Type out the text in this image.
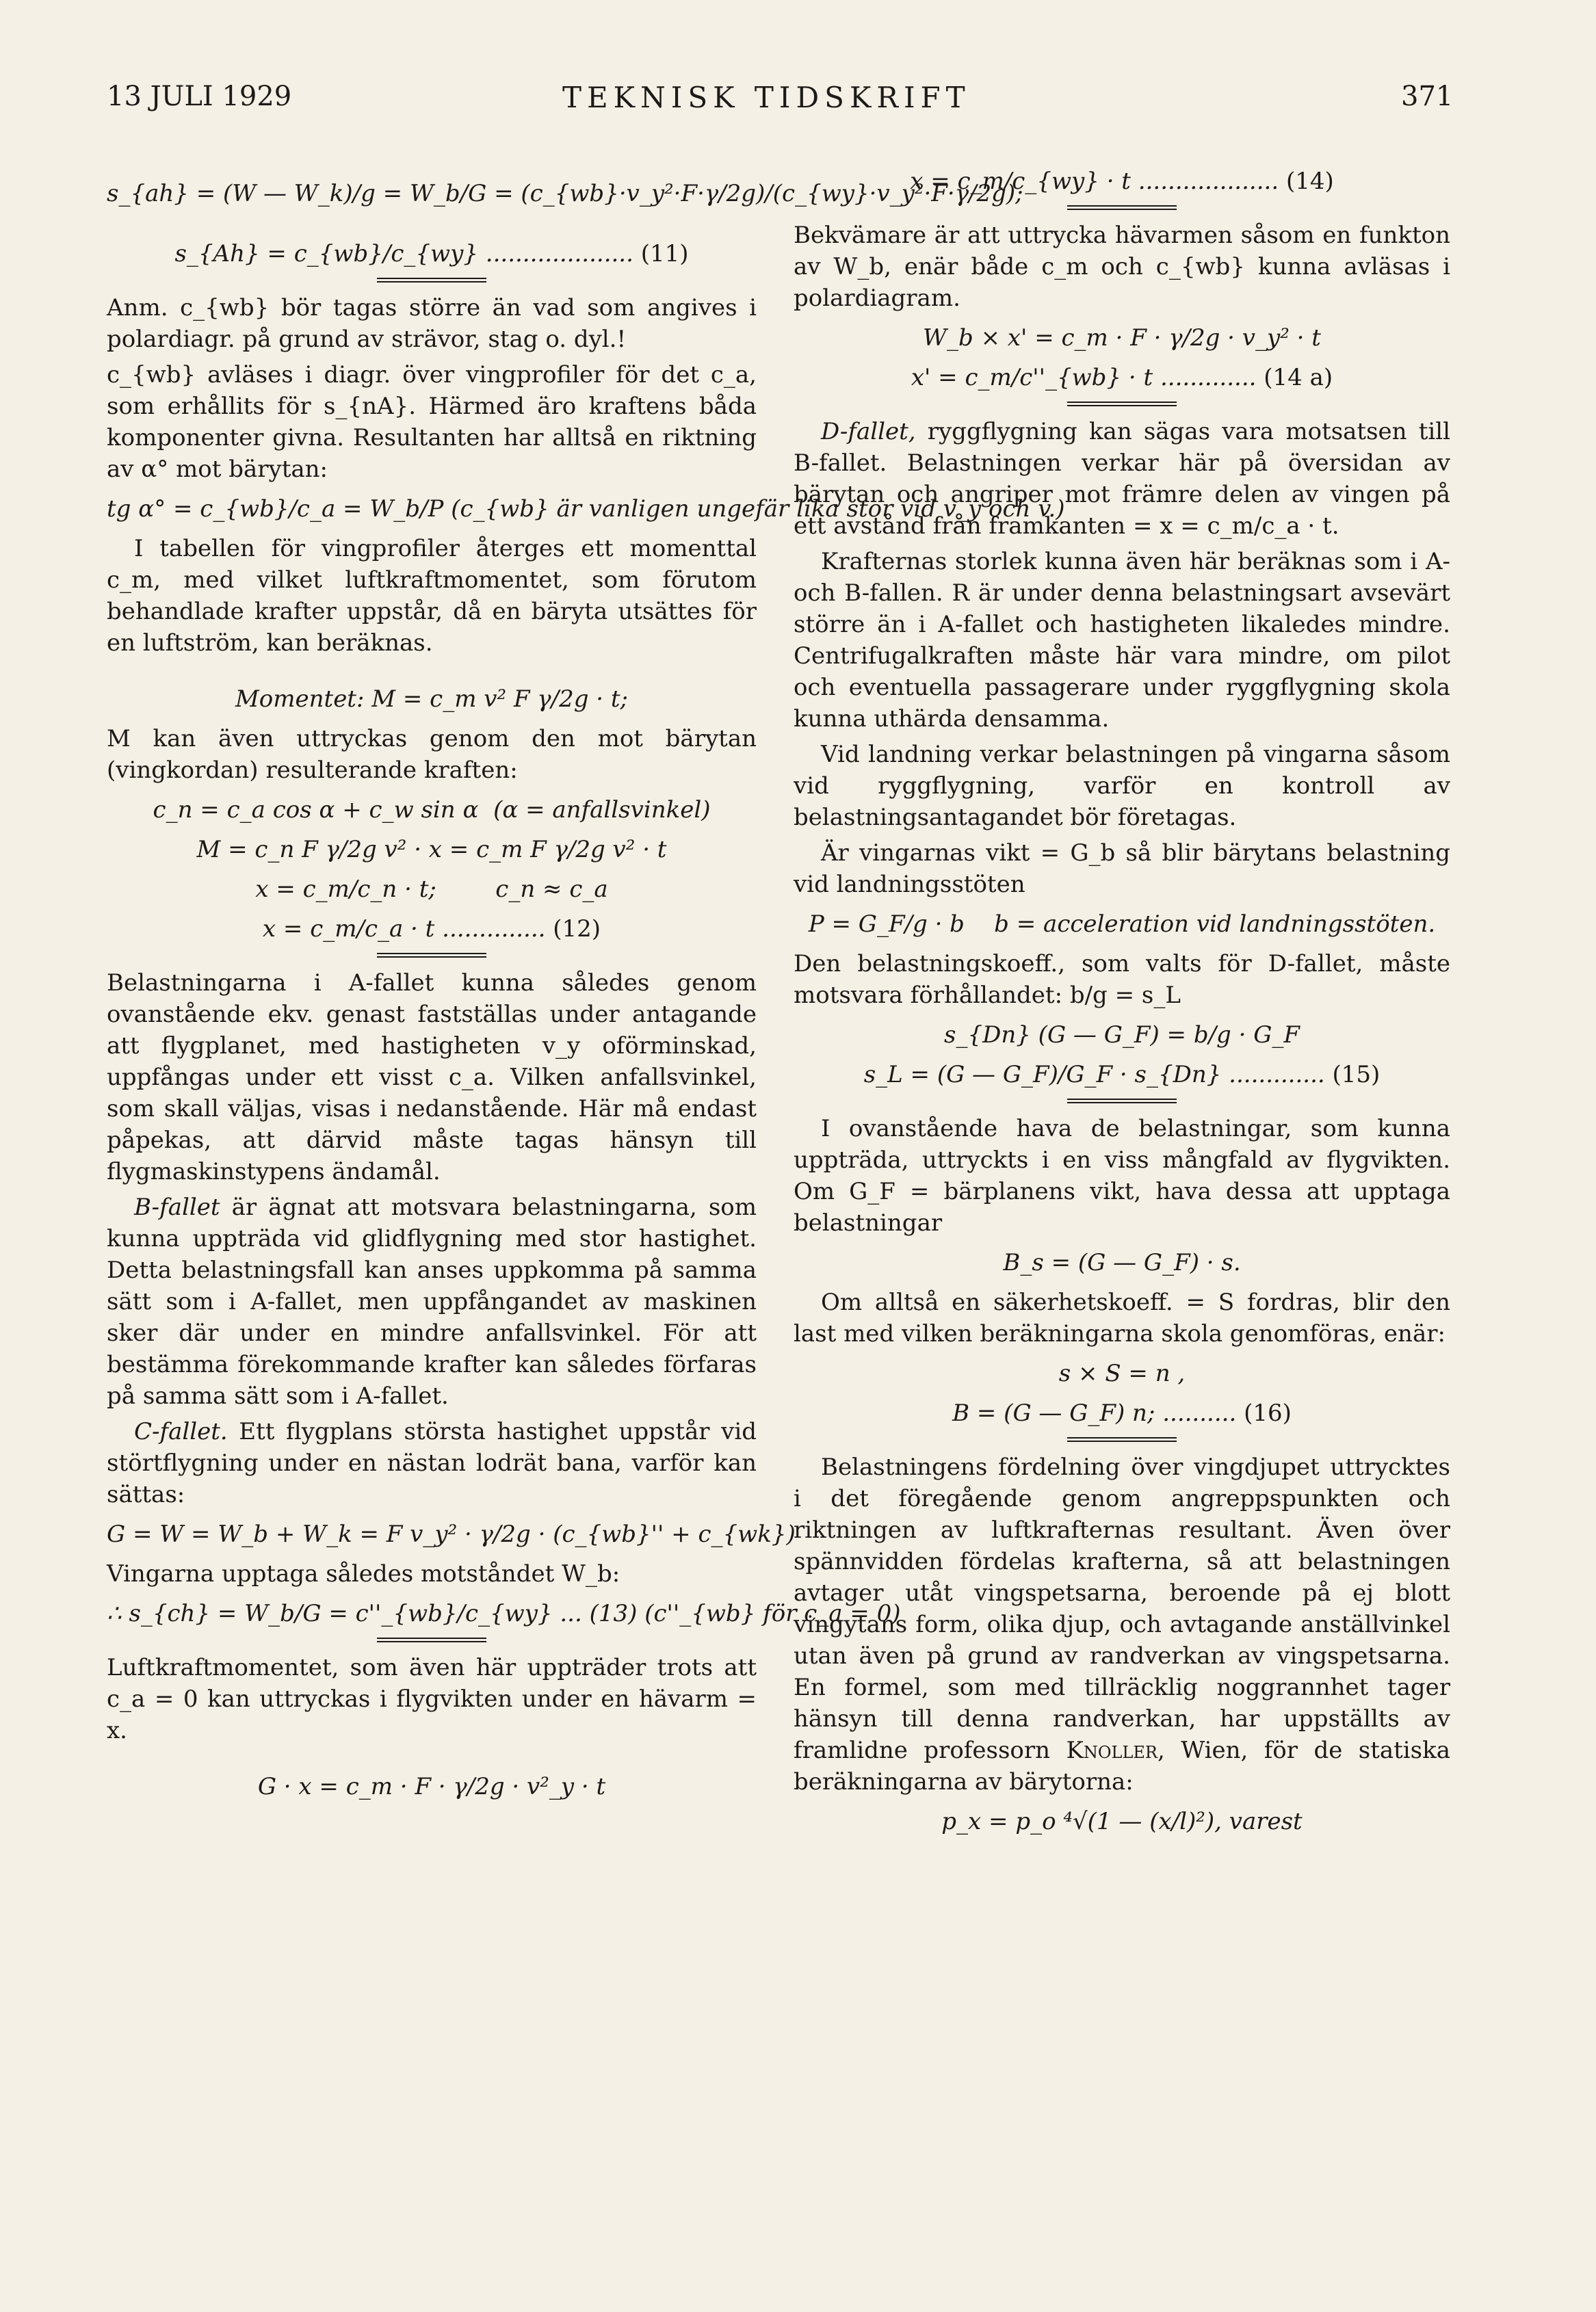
13 JULI 1929	TEKNISK TIDSKRIFT	371
s_{ah} = (W — W_k)/g = W_b/G = (c_{wb}·v_y²·F·γ/2g)/(c_{wy}·v_y²·F·γ/2g);
s_{Ah} = c_{wb}/c_{wy} .................... (11)

Anm. c_{wb} bör tagas större än vad som angives i polardiagr. på grund av strävor, stag o. dyl.!

c_{wb} avläses i diagr. över vingprofiler för det c_a, som erhållits för s_{nA}. Härmed äro kraftens båda komponenter givna. Resultanten har alltså en riktning av α° mot bärytan:

tg α° = c_{wb}/c_a = W_b/P (c_{wb} är vanligen ungefär lika stor vid v_y och v.)

I tabellen för vingprofiler återges ett momenttal c_m, med vilket luftkraftmomentet, som förutom behandlade krafter uppstår, då en bäryta utsättes för en luftström, kan beräknas.

Momentet: M = c_m v² F γ/2g · t;

M kan även uttryckas genom den mot bärytan (vingkordan) resulterande kraften:

c_n = c_a cos α + c_w sin α  (α = anfallsvinkel)
M = c_n F γ/2g v² · x = c_m F γ/2g v² · t
x = c_m/c_n · t;        c_n ≈ c_a
x = c_m/c_a · t .............. (12)

Belastningarna i A-fallet kunna således genom ovanstående ekv. genast fastställas under antagande att flygplanet, med hastigheten v_y oförminskad, uppfångas under ett visst c_a. Vilken anfallsvinkel, som skall väljas, visas i nedanstående. Här må endast påpekas, att därvid måste tagas hänsyn till flygmaskinstypens ändamål.

B-fallet är ägnat att motsvara belastningarna, som kunna uppträda vid glidflygning med stor hastighet. Detta belastningsfall kan anses uppkomma på samma sätt som i A-fallet, men uppfångandet av maskinen sker där under en mindre anfallsvinkel. För att bestämma förekommande krafter kan således förfaras på samma sätt som i A-fallet.

C-fallet. Ett flygplans största hastighet uppstår vid störtflygning under en nästan lodrät bana, varför kan sättas:

G = W = W_b + W_k = F v_y² · γ/2g · (c_{wb}'' + c_{wk})

Vingarna upptaga således motståndet W_b:

∴ s_{ch} = W_b/G = c''_{wb}/c_{wy} ... (13) (c''_{wb} för c_a = 0)

Luftkraftmomentet, som även här uppträder trots att c_a = 0 kan uttryckas i flygvikten under en hävarm = x.

G · x = c_m · F · γ/2g · v²_y · t
x = c_m/c_{wy} · t ................... (14)

Bekvämare är att uttrycka hävarmen såsom en funkton av W_b, enär både c_m och c_{wb} kunna avläsas i polardiagram.

W_b × x' = c_m · F · γ/2g · v_y² · t
x' = c_m/c''_{wb} · t ............. (14 a)

D-fallet, ryggflygning kan sägas vara motsatsen till B-fallet. Belastningen verkar här på översidan av bärytan och angriper mot främre delen av vingen på ett avstånd från framkanten = x = c_m/c_a · t.

Krafternas storlek kunna även här beräknas som i A- och B-fallen. R är under denna belastningsart avsevärt större än i A-fallet och hastigheten likaledes mindre. Centrifugalkraften måste här vara mindre, om pilot och eventuella passagerare under ryggflygning skola kunna uthärda densamma.

Vid landning verkar belastningen på vingarna såsom vid ryggflygning, varför en kontroll av belastningsantagandet bör företagas.

Är vingarnas vikt = G_b så blir bärytans belastning vid landningsstöten

P = G_F/g · b    b = acceleration vid landningsstöten.

Den belastningskoeff., som valts för D-fallet, måste motsvara förhållandet: b/g = s_L

s_{Dn} (G — G_F) = b/g · G_F
s_L = (G — G_F)/G_F · s_{Dn} ............. (15)

I ovanstående hava de belastningar, som kunna uppträda, uttryckts i en viss mångfald av flygvikten. Om G_F = bärplanens vikt, hava dessa att upptaga belastningar

B_s = (G — G_F) · s.

Om alltså en säkerhetskoeff. = S fordras, blir den last med vilken beräkningarna skola genomföras, enär:

s × S = n ,
B = (G — G_F) n; .......... (16)

Belastningens fördelning över vingdjupet uttrycktes i det föregående genom angreppspunkten och riktningen av luftkrafternas resultant. Även över spännvidden fördelas krafterna, så att belastningen avtager utåt vingspetsarna, beroende på ej blott vingytans form, olika djup, och avtagande anställvinkel utan även på grund av randverkan av vingspetsarna. En formel, som med tillräcklig noggrannhet tager hänsyn till denna randverkan, har uppställts av framlidne professorn Knoller, Wien, för de statiska beräkningarna av bärytorna:

p_x = p_o ⁴√(1 — (x/l)²), varest
